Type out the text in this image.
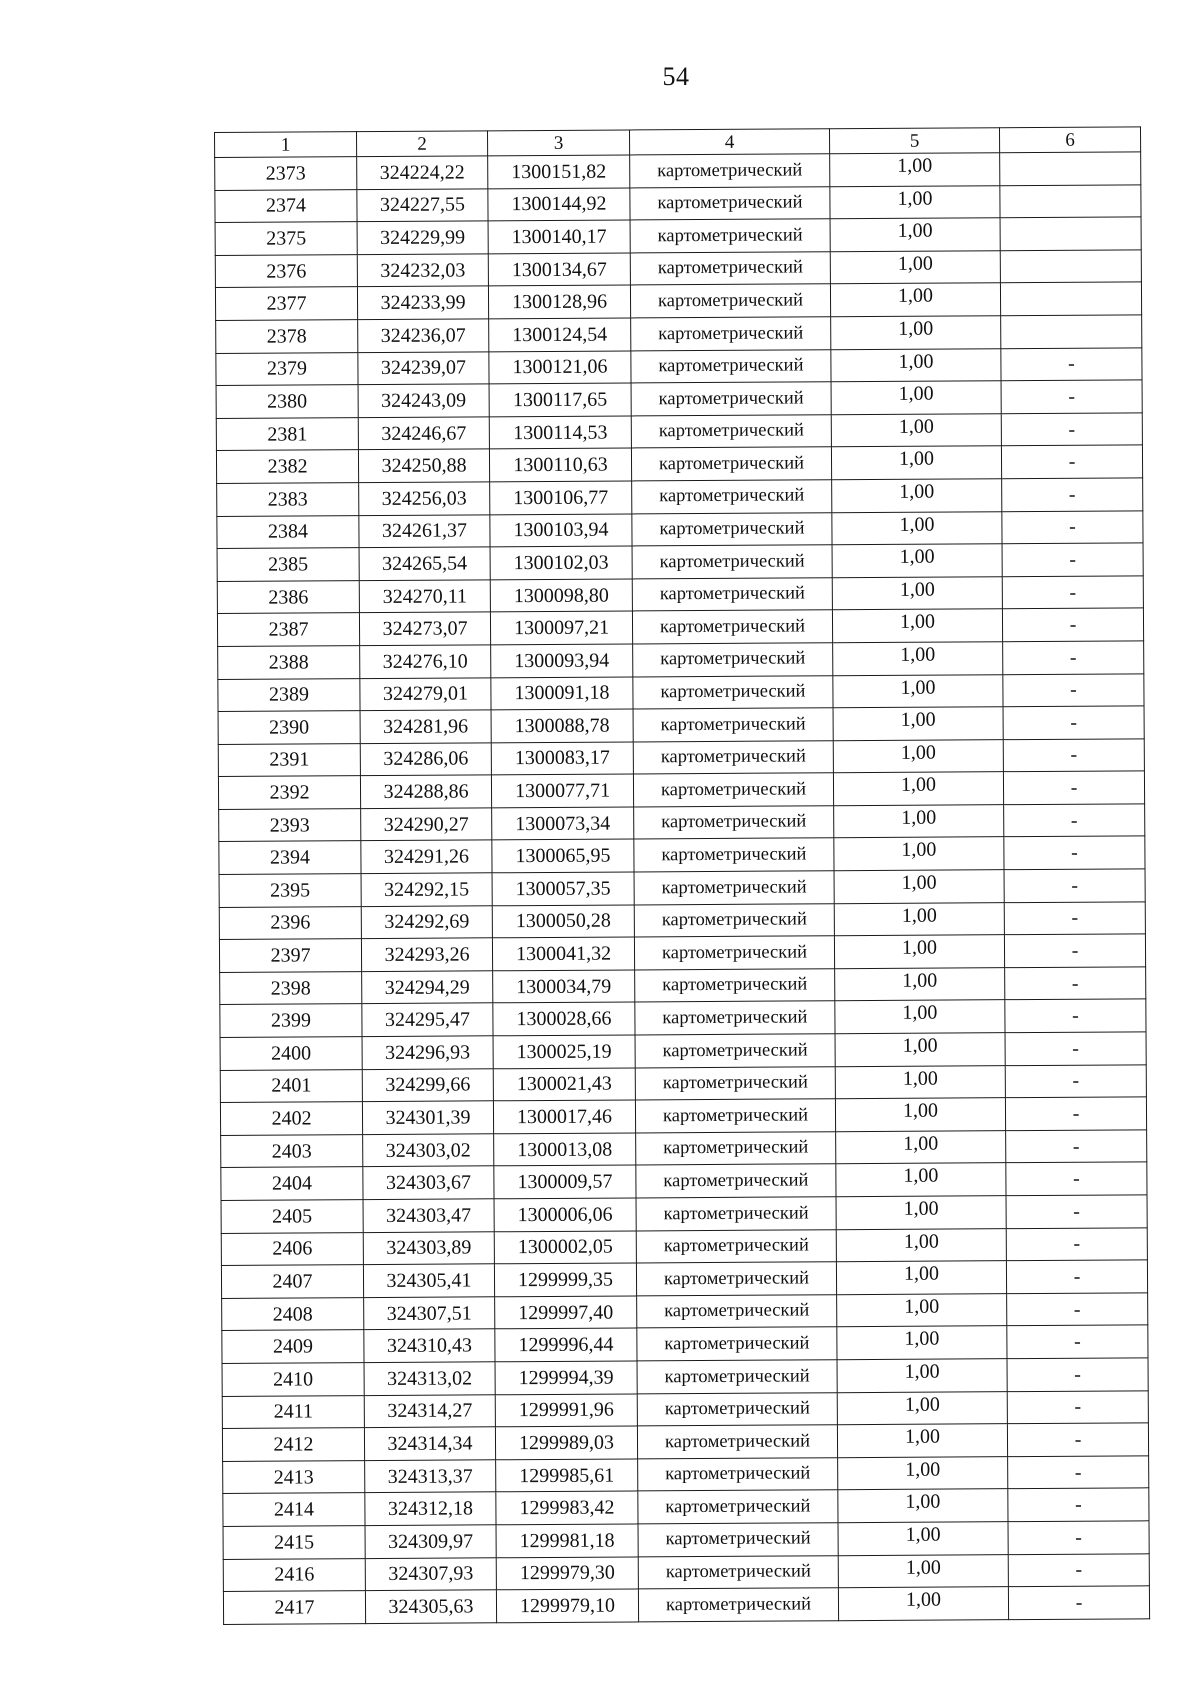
54
1	2	3	4	5	6
2373	324224,22	1300151,82	картометрический	1,00	
2374	324227,55	1300144,92	картометрический	1,00	
2375	324229,99	1300140,17	картометрический	1,00	
2376	324232,03	1300134,67	картометрический	1,00	
2377	324233,99	1300128,96	картометрический	1,00	
2378	324236,07	1300124,54	картометрический	1,00	
2379	324239,07	1300121,06	картометрический	1,00	-
2380	324243,09	1300117,65	картометрический	1,00	-
2381	324246,67	1300114,53	картометрический	1,00	-
2382	324250,88	1300110,63	картометрический	1,00	-
2383	324256,03	1300106,77	картометрический	1,00	-
2384	324261,37	1300103,94	картометрический	1,00	-
2385	324265,54	1300102,03	картометрический	1,00	-
2386	324270,11	1300098,80	картометрический	1,00	-
2387	324273,07	1300097,21	картометрический	1,00	-
2388	324276,10	1300093,94	картометрический	1,00	-
2389	324279,01	1300091,18	картометрический	1,00	-
2390	324281,96	1300088,78	картометрический	1,00	-
2391	324286,06	1300083,17	картометрический	1,00	-
2392	324288,86	1300077,71	картометрический	1,00	-
2393	324290,27	1300073,34	картометрический	1,00	-
2394	324291,26	1300065,95	картометрический	1,00	-
2395	324292,15	1300057,35	картометрический	1,00	-
2396	324292,69	1300050,28	картометрический	1,00	-
2397	324293,26	1300041,32	картометрический	1,00	-
2398	324294,29	1300034,79	картометрический	1,00	-
2399	324295,47	1300028,66	картометрический	1,00	-
2400	324296,93	1300025,19	картометрический	1,00	-
2401	324299,66	1300021,43	картометрический	1,00	-
2402	324301,39	1300017,46	картометрический	1,00	-
2403	324303,02	1300013,08	картометрический	1,00	-
2404	324303,67	1300009,57	картометрический	1,00	-
2405	324303,47	1300006,06	картометрический	1,00	-
2406	324303,89	1300002,05	картометрический	1,00	-
2407	324305,41	1299999,35	картометрический	1,00	-
2408	324307,51	1299997,40	картометрический	1,00	-
2409	324310,43	1299996,44	картометрический	1,00	-
2410	324313,02	1299994,39	картометрический	1,00	-
2411	324314,27	1299991,96	картометрический	1,00	-
2412	324314,34	1299989,03	картометрический	1,00	-
2413	324313,37	1299985,61	картометрический	1,00	-
2414	324312,18	1299983,42	картометрический	1,00	-
2415	324309,97	1299981,18	картометрический	1,00	-
2416	324307,93	1299979,30	картометрический	1,00	-
2417	324305,63	1299979,10	картометрический	1,00	-
